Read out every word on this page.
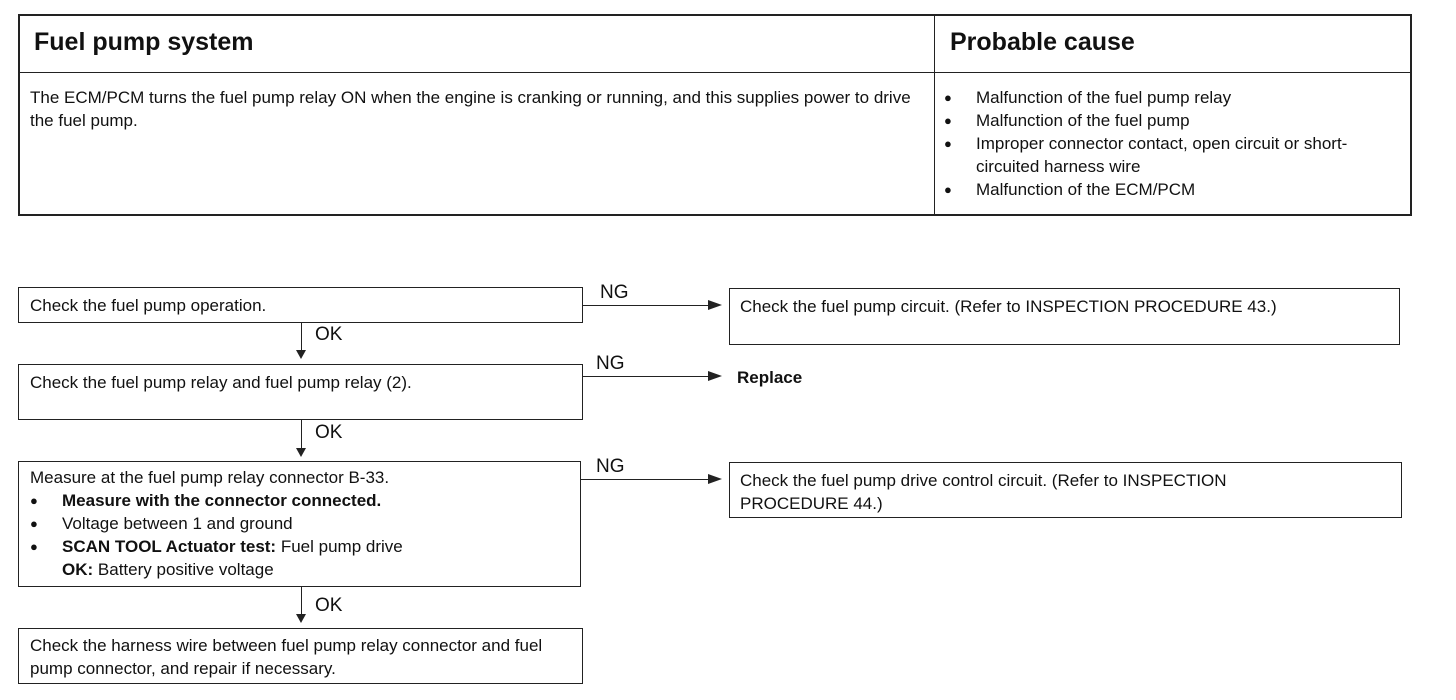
Fuel pump system	Probable cause
The ECM/PCM turns the fuel pump relay ON when the engine is cranking or running, and this supplies power to drive the fuel pump.
● Malfunction of the fuel pump relay
● Malfunction of the fuel pump
● Improper connector contact, open circuit or short-circuited harness wire
● Malfunction of the ECM/PCM
Check the fuel pump operation.
OK
NG
Check the fuel pump circuit. (Refer to INSPECTION PROCEDURE 43.)
Check the fuel pump relay and fuel pump relay (2).
OK
NG
Replace
Measure at the fuel pump relay connector B-33.
● Measure with the connector connected.
● Voltage between 1 and ground
● SCAN TOOL Actuator test: Fuel pump drive
OK: Battery positive voltage
OK
NG
Check the fuel pump drive control circuit. (Refer to INSPECTION PROCEDURE 44.)
Check the harness wire between fuel pump relay connector and fuel pump connector, and repair if necessary.
